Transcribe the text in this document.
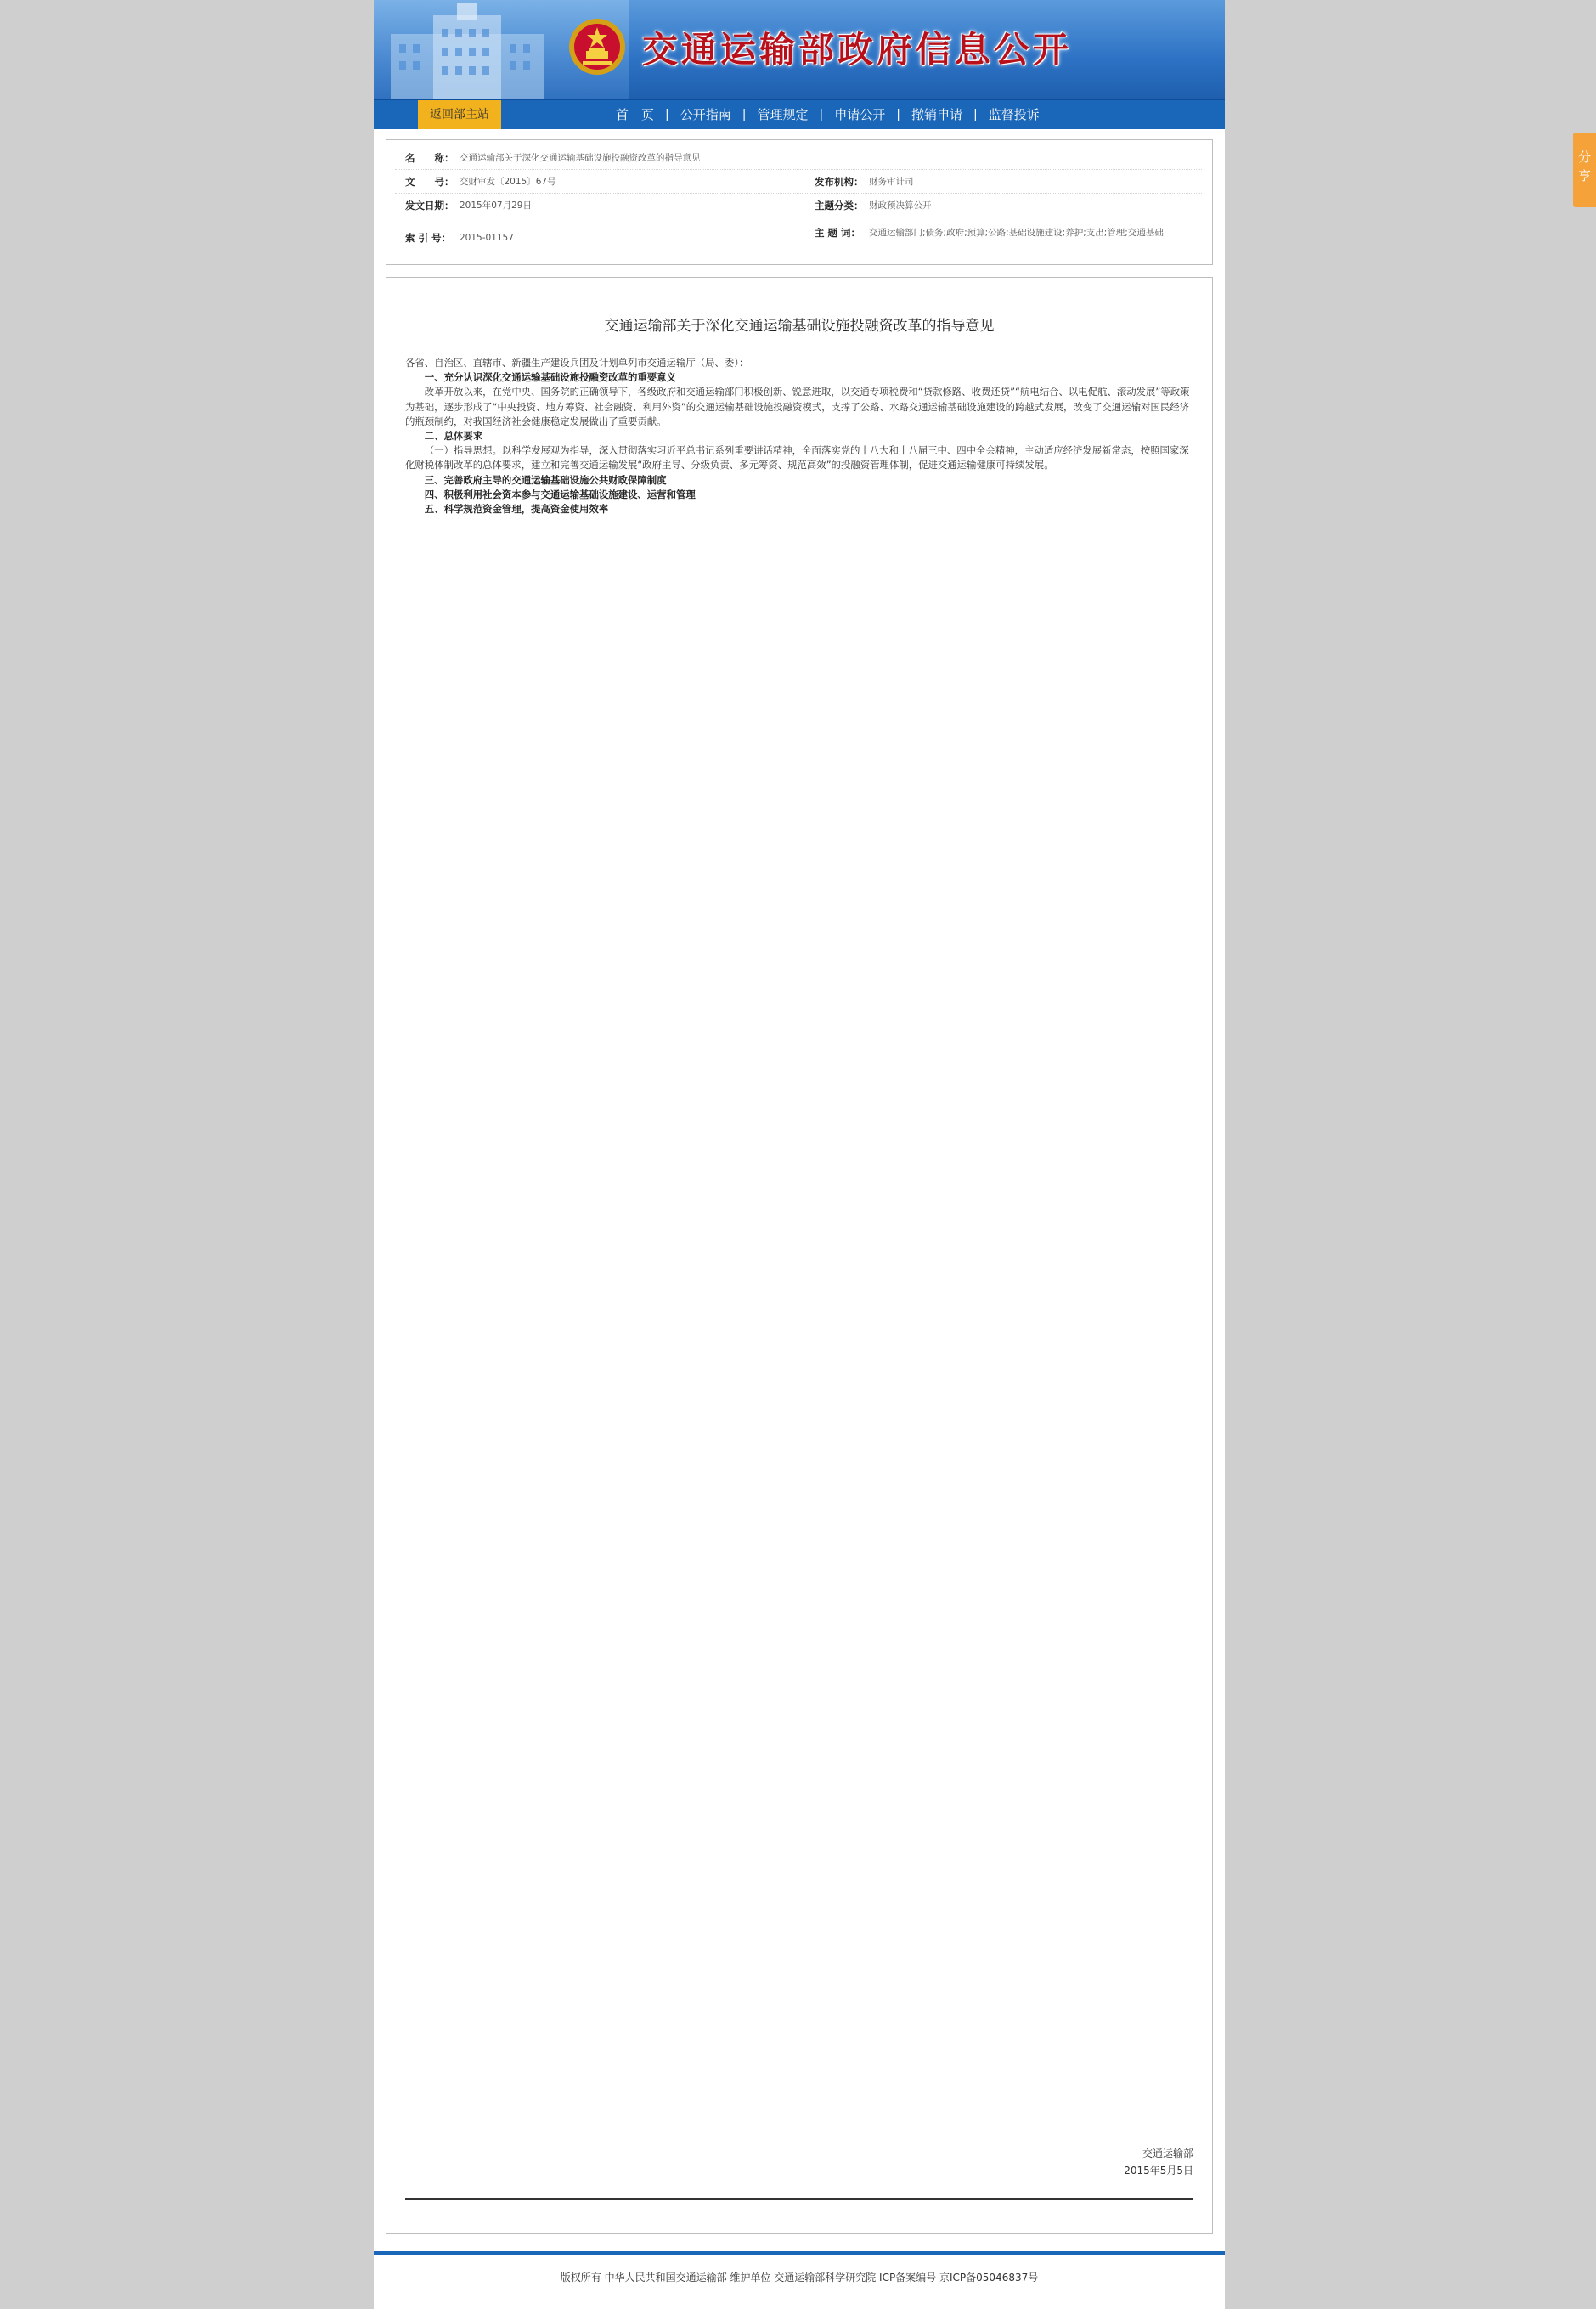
交通运输部政府信息公开
返回部主站	首　页 | 公开指南 | 管理规定 | 申请公开 | 撤销申请 | 监督投诉
名　　称： 交通运输部关于深化交通运输基础设施投融资改革的指导意见
文　　号： 交财审发〔2015〕67号	发布机构： 财务审计司
发文日期： 2015年07月29日	主题分类： 财政预决算公开
索 引 号： 2015-01157	主 题 词： 交通运输部门;债务;政府;预算;公路;基础设施建设;养护;支出;管理;交通基础
交通运输部关于深化交通运输基础设施投融资改革的指导意见

各省、自治区、直辖市、新疆生产建设兵团及计划单列市交通运输厅（局、委）：

一、充分认识深化交通运输基础设施投融资改革的重要意义

改革开放以来，在党中央、国务院的正确领导下，各级政府和交通运输部门积极创新、锐意进取，以交通专项税费和“贷款修路、收费还贷”“航电结合、以电促航、滚动发展”等政策为基础，逐步形成了“中央投资、地方筹资、社会融资、利用外资”的交通运输基础设施投融资模式，支撑了公路、水路交通运输基础设施建设的跨越式发展，改变了交通运输对国民经济的瓶颈制约，对我国经济社会健康稳定发展做出了重要贡献。

二、总体要求

（一）指导思想。以科学发展观为指导，深入贯彻落实习近平总书记系列重要讲话精神，全面落实党的十八大和十八届三中、四中全会精神，主动适应经济发展新常态，按照国家深化财税体制改革的总体要求，建立和完善交通运输发展“政府主导、分级负责、多元筹资、规范高效”的投融资管理体制，促进交通运输健康可持续发展。

三、完善政府主导的交通运输基础设施公共财政保障制度

四、积极利用社会资本参与交通运输基础设施建设、运营和管理

五、科学规范资金管理，提高资金使用效率

交通运输部
2015年5月5日
版权所有 中华人民共和国交通运输部 维护单位 交通运输部科学研究院 ICP备案编号 京ICP备05046837号
分享
